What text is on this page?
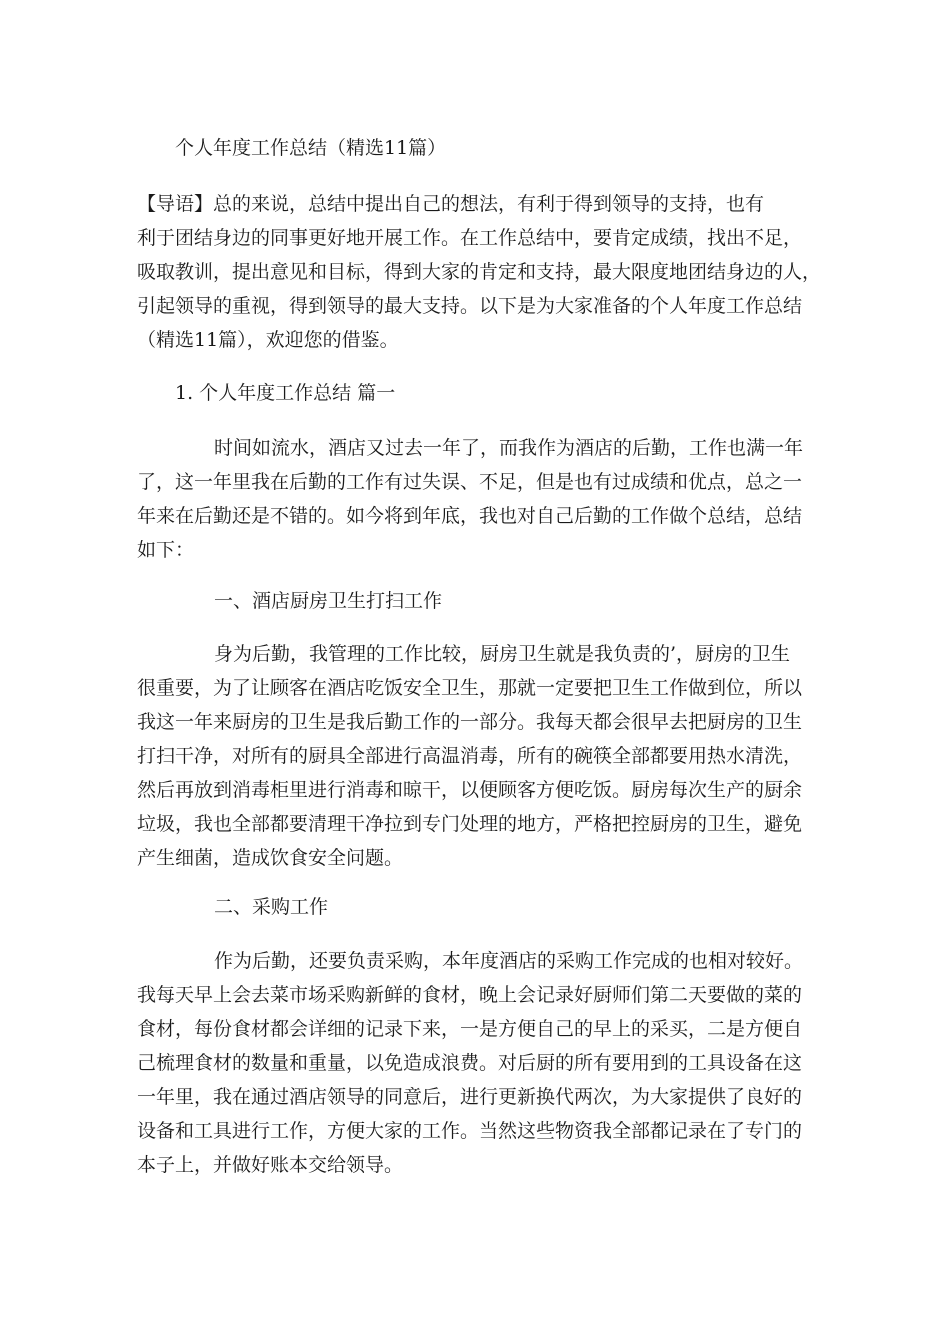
个人年度工作总结（精选11篇）
【导语】总的来说，总结中提出自己的想法，有利于得到领导的支持，也有
利于团结身边的同事更好地开展工作。在工作总结中，要肯定成绩，找出不足，
吸取教训，提出意见和目标，得到大家的肯定和支持，最大限度地团结身边的人，
引起领导的重视，得到领导的最大支持。以下是为大家准备的个人年度工作总结
（精选11篇），欢迎您的借鉴。
1. 个人年度工作总结 篇一
时间如流水，酒店又过去一年了，而我作为酒店的后勤，工作也满一年
了，这一年里我在后勤的工作有过失误、不足，但是也有过成绩和优点，总之一
年来在后勤还是不错的。如今将到年底，我也对自己后勤的工作做个总结，总结
如下：
一、酒店厨房卫生打扫工作
身为后勤，我管理的工作比较，厨房卫生就是我负责的’，厨房的卫生
很重要，为了让顾客在酒店吃饭安全卫生，那就一定要把卫生工作做到位，所以
我这一年来厨房的卫生是我后勤工作的一部分。我每天都会很早去把厨房的卫生
打扫干净，对所有的厨具全部进行高温消毒，所有的碗筷全部都要用热水清洗，
然后再放到消毒柜里进行消毒和晾干，以便顾客方便吃饭。厨房每次生产的厨余
垃圾，我也全部都要清理干净拉到专门处理的地方，严格把控厨房的卫生，避免
产生细菌，造成饮食安全问题。
二、采购工作
作为后勤，还要负责采购，本年度酒店的采购工作完成的也相对较好。
我每天早上会去菜市场采购新鲜的食材，晚上会记录好厨师们第二天要做的菜的
食材，每份食材都会详细的记录下来，一是方便自己的早上的采买，二是方便自
己梳理食材的数量和重量，以免造成浪费。对后厨的所有要用到的工具设备在这
一年里，我在通过酒店领导的同意后，进行更新换代两次，为大家提供了良好的
设备和工具进行工作，方便大家的工作。当然这些物资我全部都记录在了专门的
本子上，并做好账本交给领导。
